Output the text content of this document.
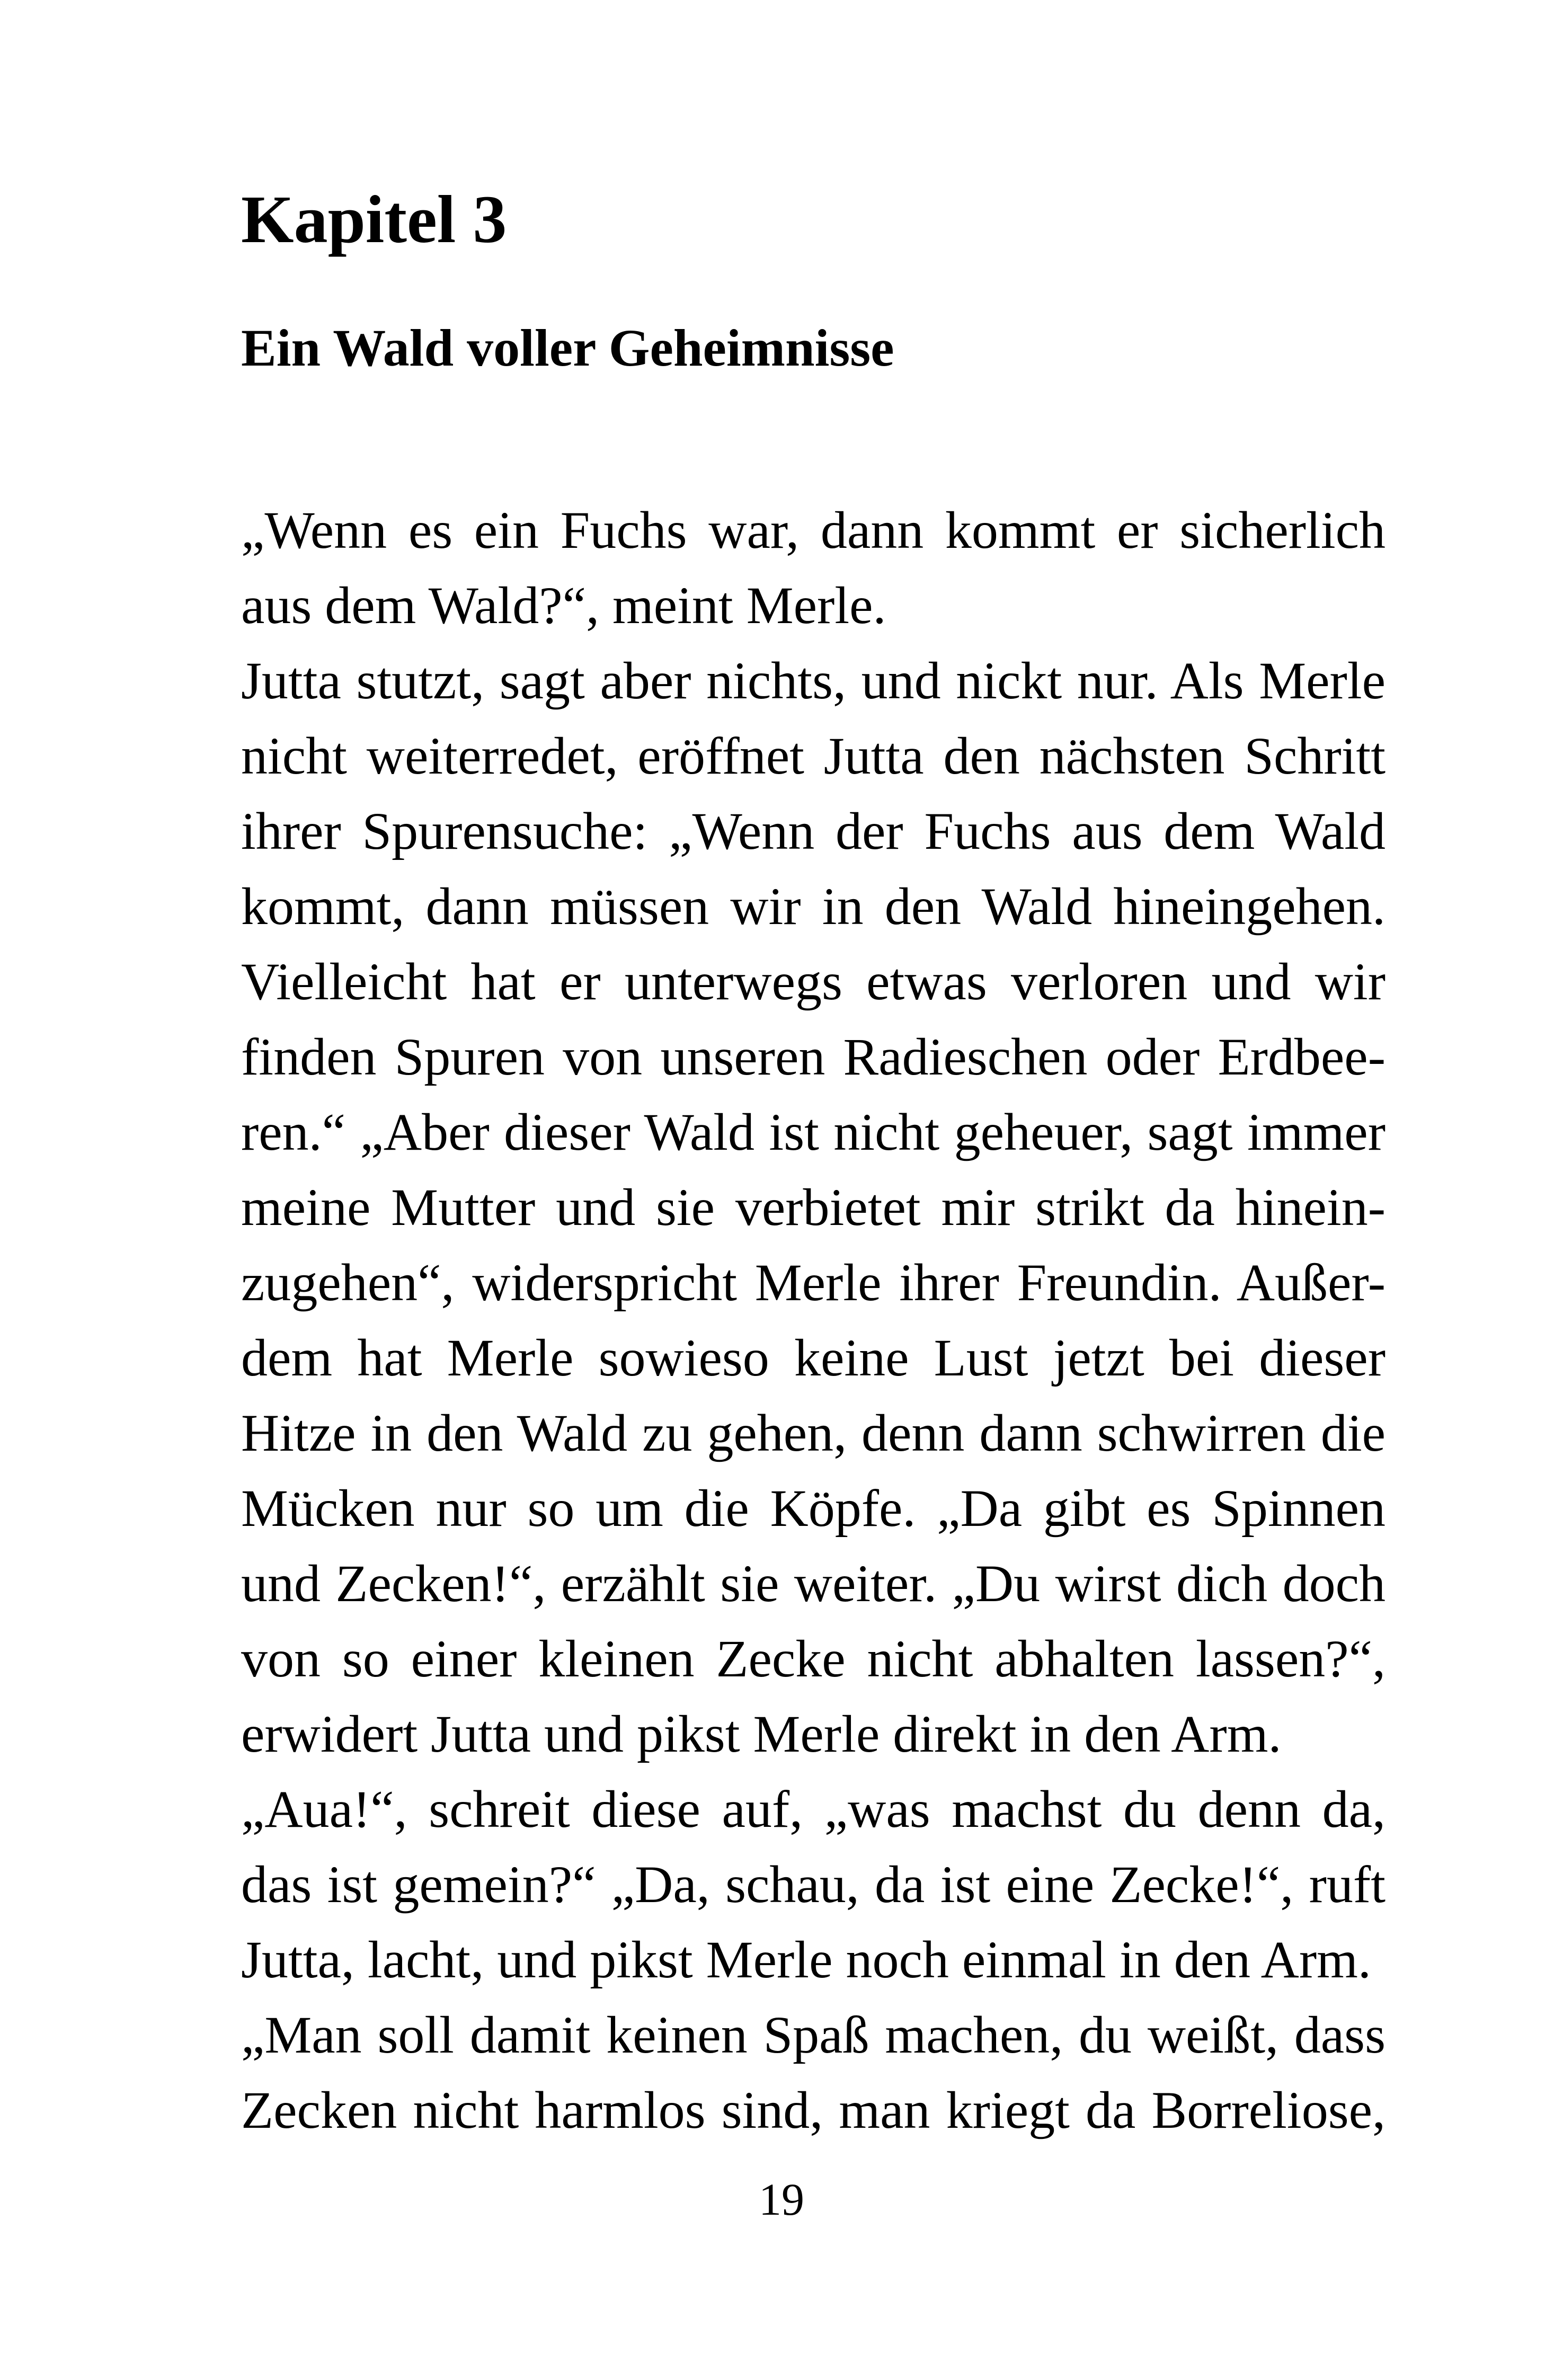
Kapitel 3
Ein Wald voller Geheimnisse
„Wenn es ein Fuchs war, dann kommt er sicherlich
aus dem Wald?“, meint Merle.
Jutta stutzt, sagt aber nichts, und nickt nur. Als Merle
nicht weiterredet, eröffnet Jutta den nächsten Schritt
ihrer Spurensuche: „Wenn der Fuchs aus dem Wald
kommt, dann müssen wir in den Wald hineingehen.
Vielleicht hat er unterwegs etwas verloren und wir
finden Spuren von unseren Radieschen oder Erdbee-
ren.“ „Aber dieser Wald ist nicht geheuer, sagt immer
meine Mutter und sie verbietet mir strikt da hinein-
zugehen“, widerspricht Merle ihrer Freundin. Außer-
dem hat Merle sowieso keine Lust jetzt bei dieser
Hitze in den Wald zu gehen, denn dann schwirren die
Mücken nur so um die Köpfe. „Da gibt es Spinnen
und Zecken!“, erzählt sie weiter. „Du wirst dich doch
von so einer kleinen Zecke nicht abhalten lassen?“,
erwidert Jutta und pikst Merle direkt in den Arm.
„Aua!“, schreit diese auf, „was machst du denn da,
das ist gemein?“ „Da, schau, da ist eine Zecke!“, ruft
Jutta, lacht, und pikst Merle noch einmal in den Arm.
„Man soll damit keinen Spaß machen, du weißt, dass
Zecken nicht harmlos sind, man kriegt da Borreliose,
19
